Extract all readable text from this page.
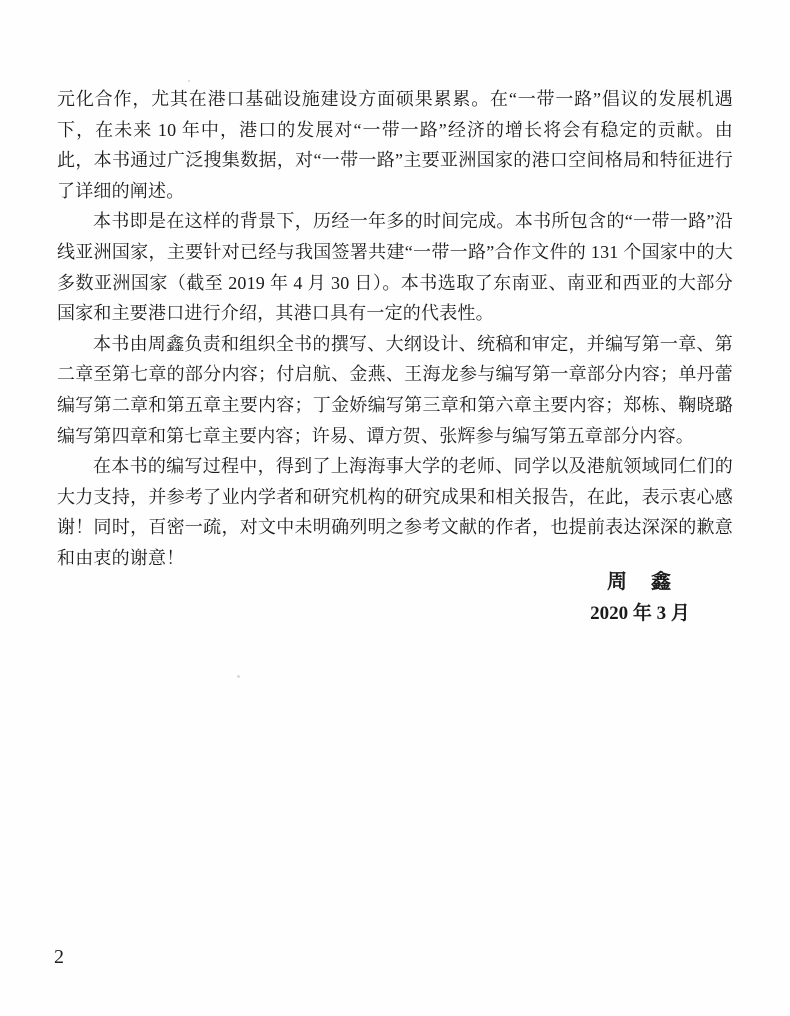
元化合作，尤其在港口基础设施建设方面硕果累累。在“一带一路”倡议的发展机遇下，在未来 10 年中，港口的发展对“一带一路”经济的增长将会有稳定的贡献。由此，本书通过广泛搜集数据，对“一带一路”主要亚洲国家的港口空间格局和特征进行了详细的阐述。

本书即是在这样的背景下，历经一年多的时间完成。本书所包含的“一带一路”沿线亚洲国家，主要针对已经与我国签署共建“一带一路”合作文件的 131 个国家中的大多数亚洲国家（截至 2019 年 4 月 30 日）。本书选取了东南亚、南亚和西亚的大部分国家和主要港口进行介绍，其港口具有一定的代表性。

本书由周鑫负责和组织全书的撰写、大纲设计、统稿和审定，并编写第一章、第二章至第七章的部分内容；付启航、金燕、王海龙参与编写第一章部分内容；单丹蕾编写第二章和第五章主要内容；丁金娇编写第三章和第六章主要内容；郑栋、鞠晓璐编写第四章和第七章主要内容；许易、谭方贺、张辉参与编写第五章部分内容。

在本书的编写过程中，得到了上海海事大学的老师、同学以及港航领域同仁们的大力支持，并参考了业内学者和研究机构的研究成果和相关报告，在此，表示衷心感谢！同时，百密一疏，对文中未明确列明之参考文献的作者，也提前表达深深的歉意和由衷的谢意！

周　鑫
2020 年 3 月
2
